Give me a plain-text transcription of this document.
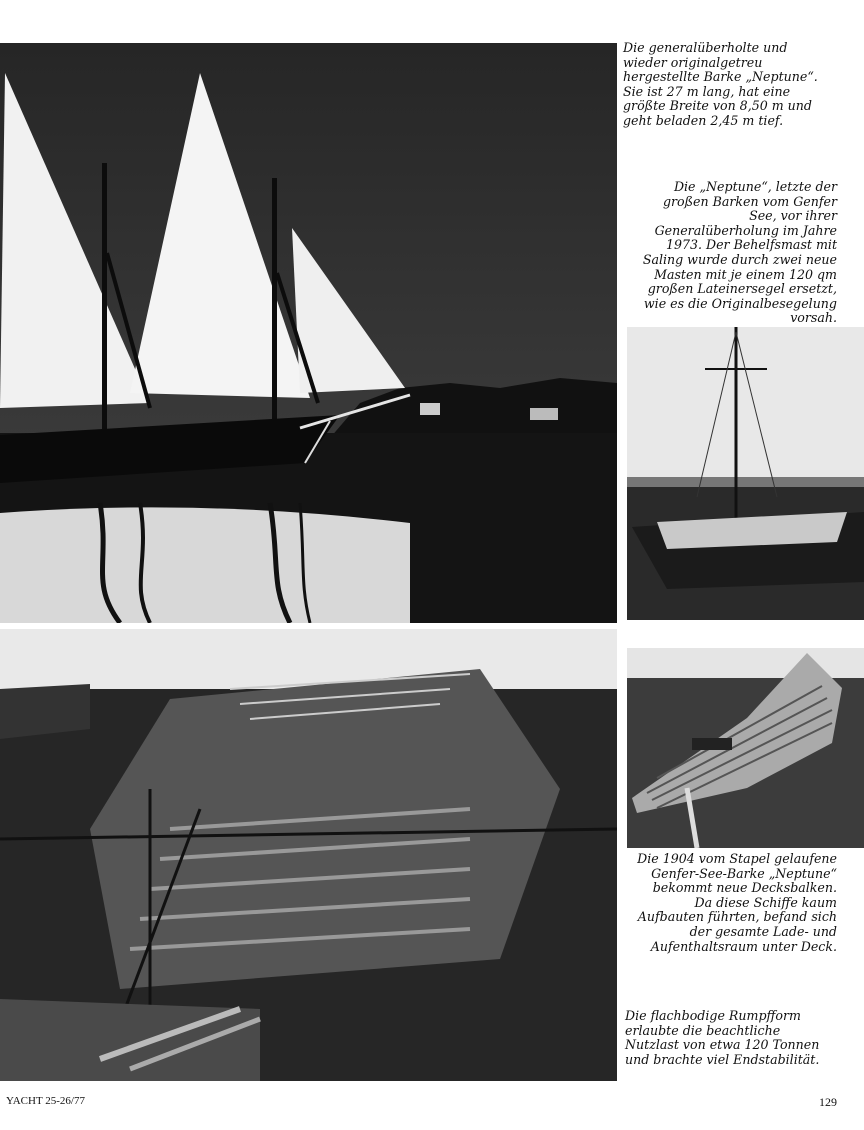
Die generalüberholte und wieder originalgetreu hergestellte Barke „Neptune“. Sie ist 27 m lang, hat eine größte Breite von 8,50 m und geht beladen 2,45 m tief.

Die „Neptune“, letzte der großen Barken vom Genfer See, vor ihrer Generalüberholung im Jahre 1973. Der Behelfsmast mit Saling wurde durch zwei neue Masten mit je einem 120 qm großen Lateinersegel ersetzt, wie es die Originalbesegelung vorsah.

Die 1904 vom Stapel gelaufene Genfer-See-Barke „Neptune“ bekommt neue Decksbalken. Da diese Schiffe kaum Aufbauten führten, befand sich der gesamte Lade- und Aufenthaltsraum unter Deck.

Die flachbodige Rumpfform erlaubte die beachtliche Nutzlast von etwa 120 Tonnen und brachte viel Endstabilität.

YACHT 25-26/77	129
